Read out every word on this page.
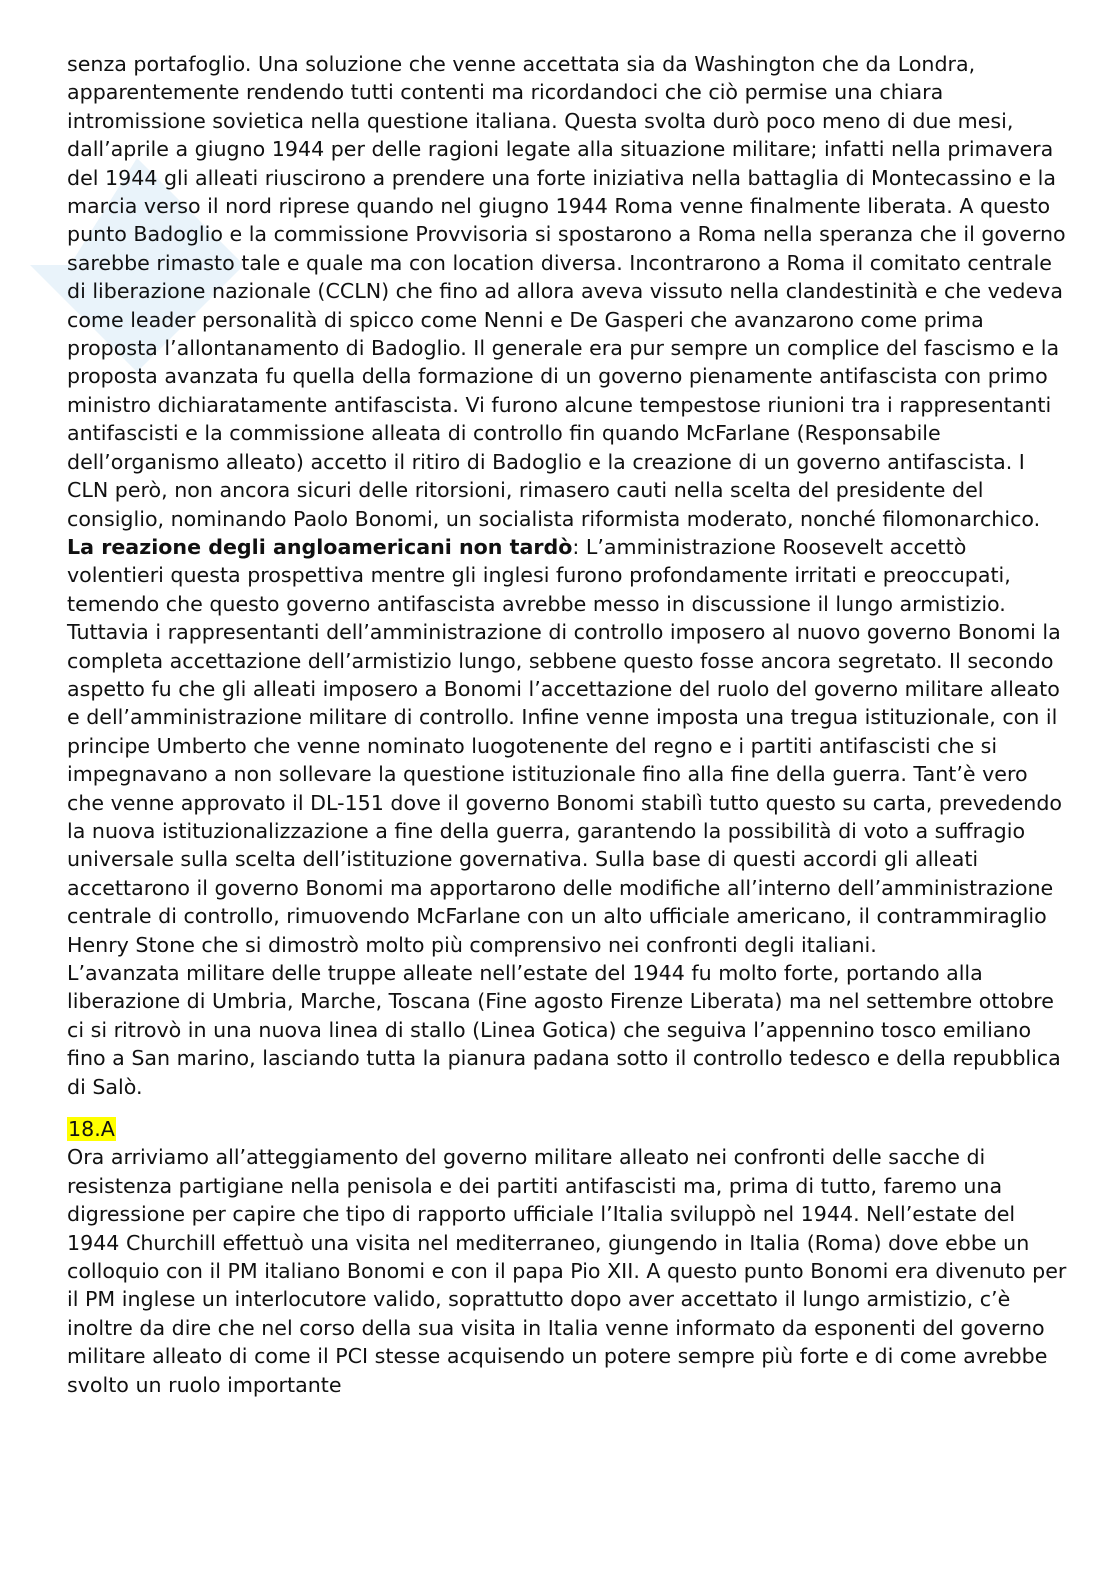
senza portafoglio. Una soluzione che venne accettata sia da Washington che da Londra, apparentemente rendendo tutti contenti ma ricordandoci che ciò permise una chiara intromissione sovietica nella questione italiana. Questa svolta durò poco meno di due mesi, dall’aprile a giugno 1944 per delle ragioni legate alla situazione militare; infatti nella primavera del 1944 gli alleati riuscirono a prendere una forte iniziativa nella battaglia di Montecassino e la marcia verso il nord riprese quando nel giugno 1944 Roma venne finalmente liberata. A questo punto Badoglio e la commissione Provvisoria si spostarono a Roma nella speranza che il governo sarebbe rimasto tale e quale ma con location diversa. Incontrarono a Roma il comitato centrale di liberazione nazionale (CCLN) che fino ad allora aveva vissuto nella clandestinità e che vedeva come leader personalità di spicco come Nenni e De Gasperi che avanzarono come prima proposta l’allontanamento di Badoglio. Il generale era pur sempre un complice del fascismo e la proposta avanzata fu quella della formazione di un governo pienamente antifascista con primo ministro dichiaratamente antifascista. Vi furono alcune tempestose riunioni tra i rappresentanti antifascisti e la commissione alleata di controllo fin quando McFarlane (Responsabile dell’organismo alleato) accetto il ritiro di Badoglio e la creazione di un governo antifascista. I CLN però, non ancora sicuri delle ritorsioni, rimasero cauti nella scelta del presidente del consiglio, nominando Paolo Bonomi, un socialista riformista moderato, nonché filomonarchico. La reazione degli angloamericani non tardò: L’amministrazione Roosevelt accettò volentieri questa prospettiva mentre gli inglesi furono profondamente irritati e preoccupati, temendo che questo governo antifascista avrebbe messo in discussione il lungo armistizio. Tuttavia i rappresentanti dell’amministrazione di controllo imposero al nuovo governo Bonomi la completa accettazione dell’armistizio lungo, sebbene questo fosse ancora segretato. Il secondo aspetto fu che gli alleati imposero a Bonomi l’accettazione del ruolo del governo militare alleato e dell’amministrazione militare di controllo. Infine venne imposta una tregua istituzionale, con il principe Umberto che venne nominato luogotenente del regno e i partiti antifascisti che si impegnavano a non sollevare la questione istituzionale fino alla fine della guerra. Tant’è vero che venne approvato il DL-151 dove il governo Bonomi stabilì tutto questo su carta, prevedendo la nuova istituzionalizzazione a fine della guerra, garantendo la possibilità di voto a suffragio universale sulla scelta dell’istituzione governativa. Sulla base di questi accordi gli alleati accettarono il governo Bonomi ma apportarono delle modifiche all’interno dell’amministrazione centrale di controllo, rimuovendo McFarlane con un alto ufficiale americano, il contrammiraglio Henry Stone che si dimostrò molto più comprensivo nei confronti degli italiani.

L’avanzata militare delle truppe alleate nell’estate del 1944 fu molto forte, portando alla liberazione di Umbria, Marche, Toscana (Fine agosto Firenze Liberata) ma nel settembre ottobre ci si ritrovò in una nuova linea di stallo (Linea Gotica) che seguiva l’appennino tosco emiliano fino a San marino, lasciando tutta la pianura padana sotto il controllo tedesco e della repubblica di Salò.

18.A

Ora arriviamo all’atteggiamento del governo militare alleato nei confronti delle sacche di resistenza partigiane nella penisola e dei partiti antifascisti ma, prima di tutto, faremo una digressione per capire che tipo di rapporto ufficiale l’Italia sviluppò nel 1944. Nell’estate del 1944 Churchill effettuò una visita nel mediterraneo, giungendo in Italia (Roma) dove ebbe un colloquio con il PM italiano Bonomi e con il papa Pio XII. A questo punto Bonomi era divenuto per il PM inglese un interlocutore valido, soprattutto dopo aver accettato il lungo armistizio, c’è inoltre da dire che nel corso della sua visita in Italia venne informato da esponenti del governo militare alleato di come il PCI stesse acquisendo un potere sempre più forte e di come avrebbe svolto un ruolo importante
